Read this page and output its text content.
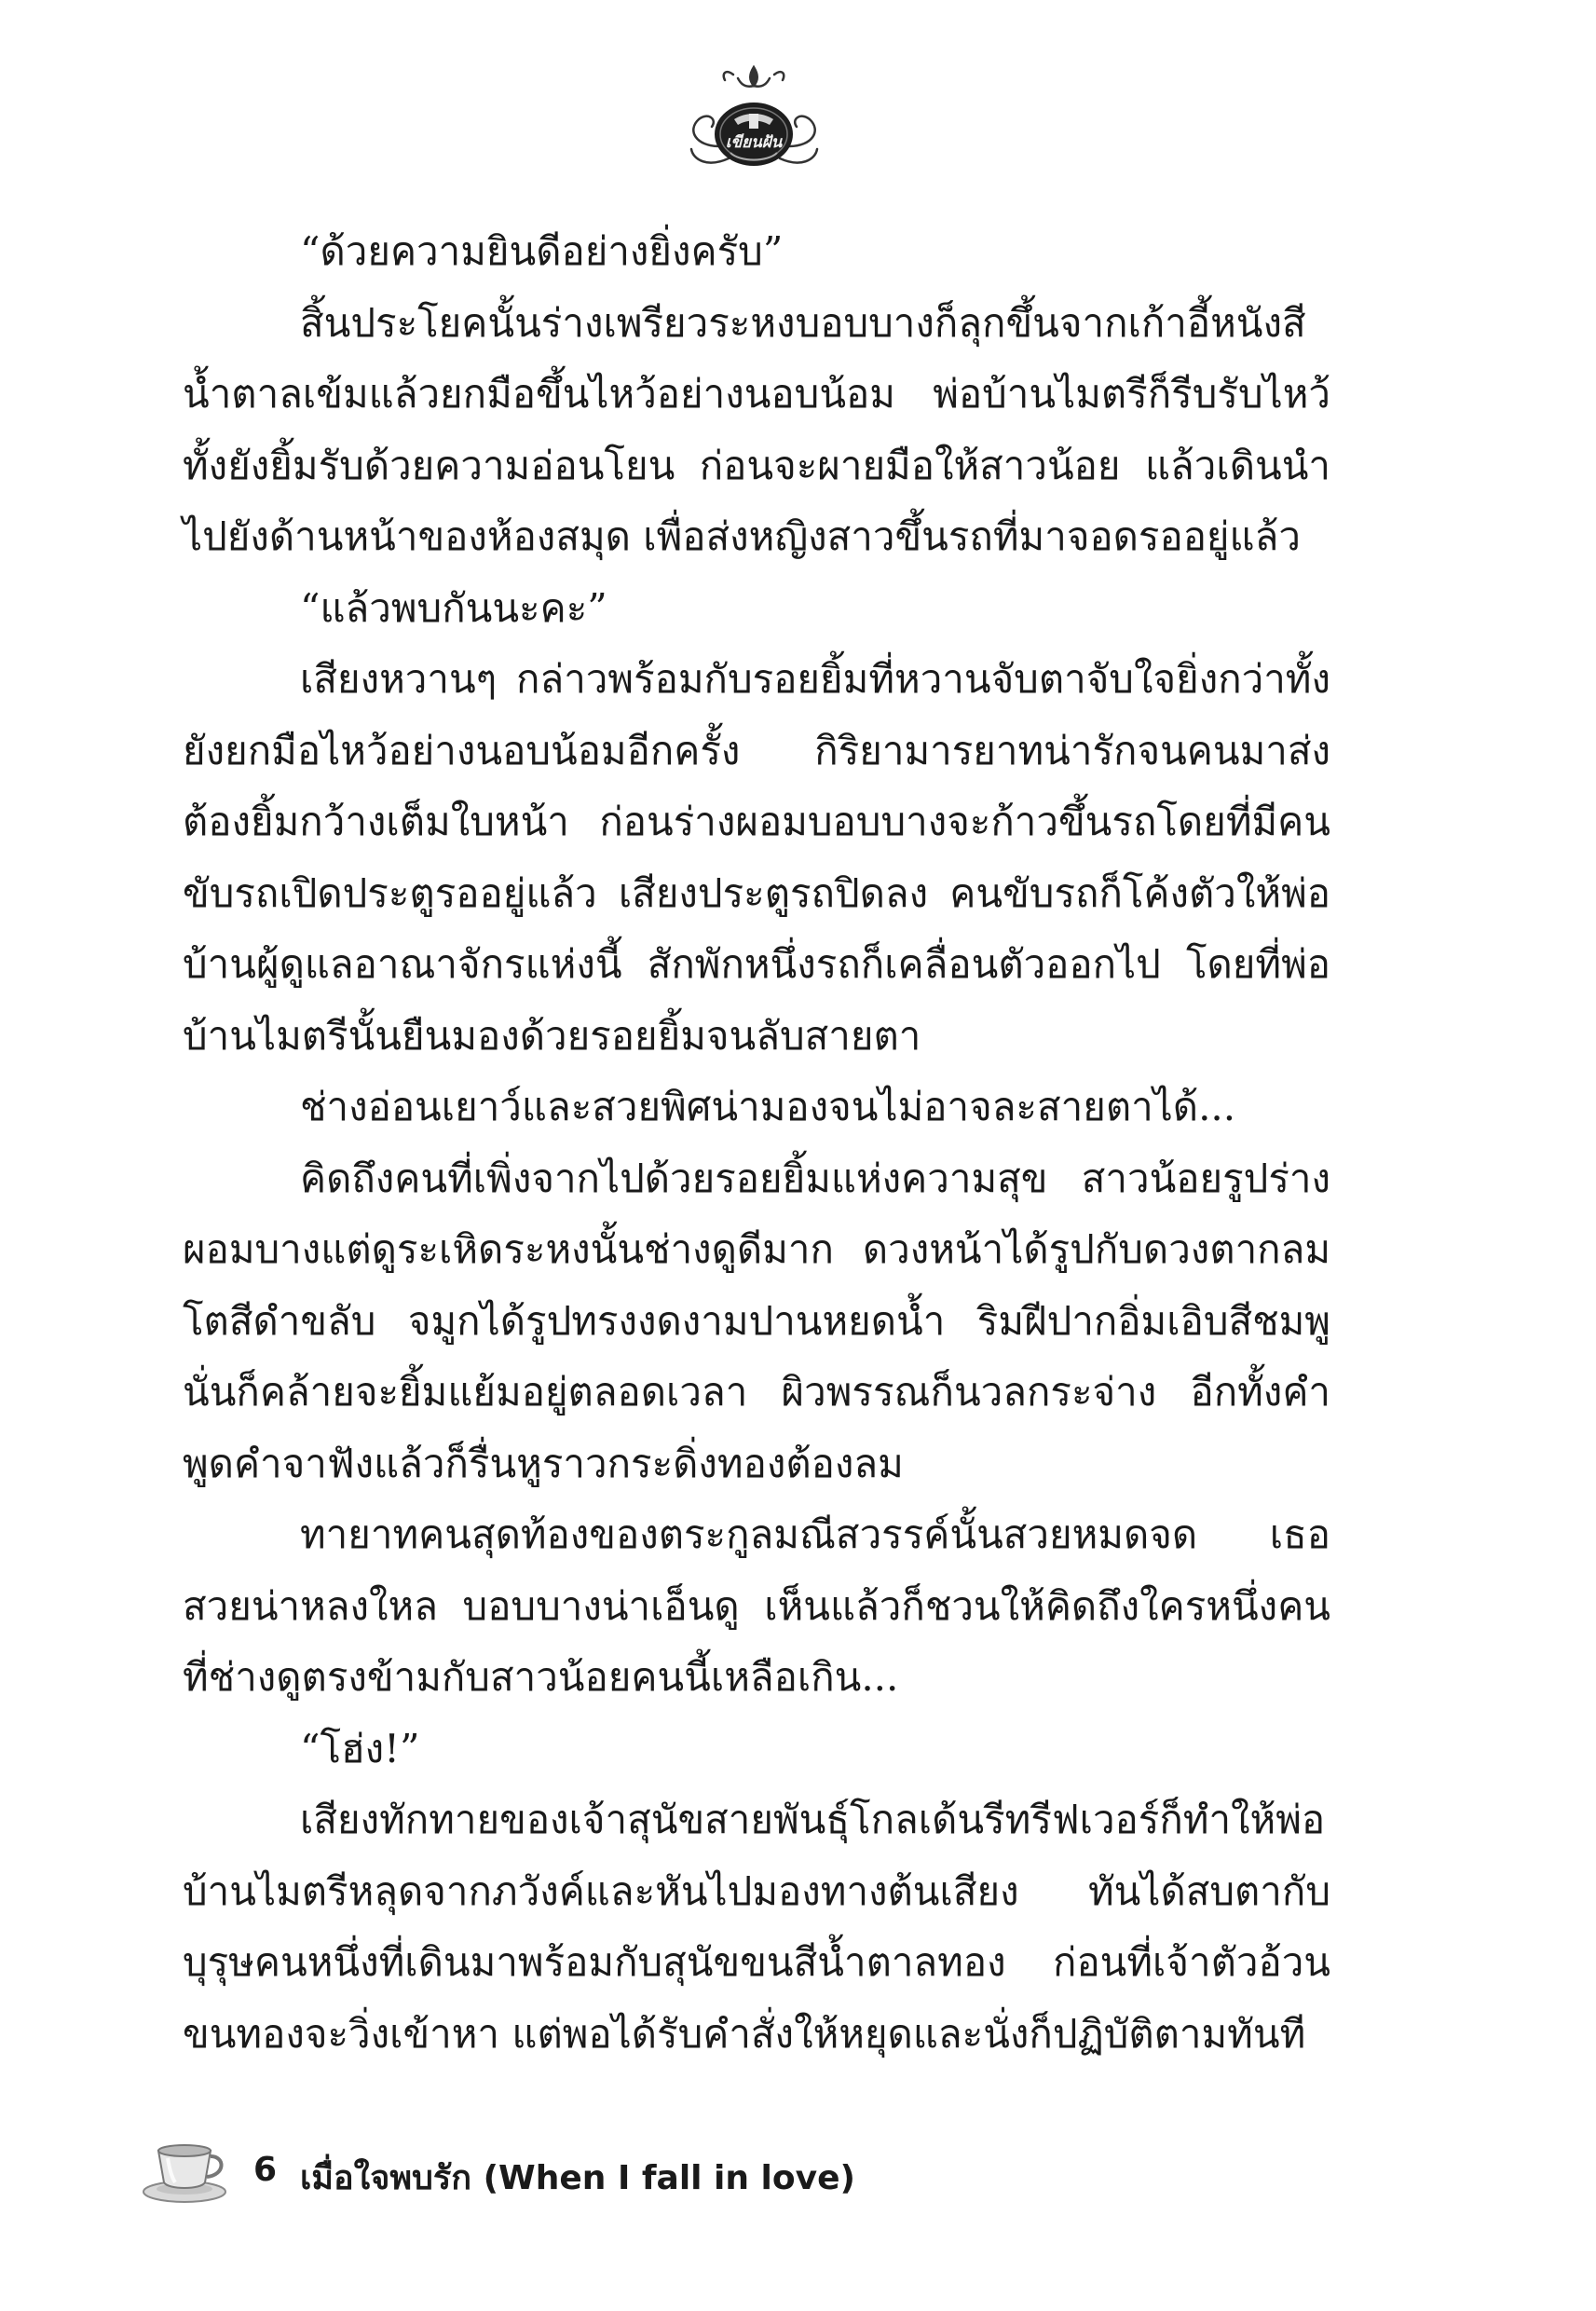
เขียนฝัน

“ด้วยความยินดีอย่างยิ่งครับ”

สิ้นประโยคนั้นร่างเพรียวระหงบอบบางก็ลุกขึ้นจากเก้าอี้หนังสีน้ำตาลเข้มแล้วยกมือขึ้นไหว้อย่างนอบน้อม พ่อบ้านไมตรีก็รีบรับไหว้ทั้งยังยิ้มรับด้วยความอ่อนโยน ก่อนจะผายมือให้สาวน้อย แล้วเดินนำไปยังด้านหน้าของห้องสมุด เพื่อส่งหญิงสาวขึ้นรถที่มาจอดรออยู่แล้ว

“แล้วพบกันนะคะ”

เสียงหวานๆ กล่าวพร้อมกับรอยยิ้มที่หวานจับตาจับใจยิ่งกว่าทั้งยังยกมือไหว้อย่างนอบน้อมอีกครั้ง กิริยามารยาทน่ารักจนคนมาส่งต้องยิ้มกว้างเต็มใบหน้า ก่อนร่างผอมบอบบางจะก้าวขึ้นรถโดยที่มีคนขับรถเปิดประตูรออยู่แล้ว เสียงประตูรถปิดลง คนขับรถก็โค้งตัวให้พ่อบ้านผู้ดูแลอาณาจักรแห่งนี้ สักพักหนึ่งรถก็เคลื่อนตัวออกไป โดยที่พ่อบ้านไมตรีนั้นยืนมองด้วยรอยยิ้มจนลับสายตา

ช่างอ่อนเยาว์และสวยพิศน่ามองจนไม่อาจละสายตาได้...

คิดถึงคนที่เพิ่งจากไปด้วยรอยยิ้มแห่งความสุข สาวน้อยรูปร่างผอมบางแต่ดูระเหิดระหงนั้นช่างดูดีมาก ดวงหน้าได้รูปกับดวงตากลมโตสีดำขลับ จมูกได้รูปทรงงดงามปานหยดน้ำ ริมฝีปากอิ่มเอิบสีชมพูนั่นก็คล้ายจะยิ้มแย้มอยู่ตลอดเวลา ผิวพรรณก็นวลกระจ่าง อีกทั้งคำพูดคำจาฟังแล้วก็รื่นหูราวกระดิ่งทองต้องลม

ทายาทคนสุดท้องของตระกูลมณีสวรรค์นั้นสวยหมดจด เธอสวยน่าหลงใหล บอบบางน่าเอ็นดู เห็นแล้วก็ชวนให้คิดถึงใครหนึ่งคน ที่ช่างดูตรงข้ามกับสาวน้อยคนนี้เหลือเกิน...

“โฮ่ง!”

เสียงทักทายของเจ้าสุนัขสายพันธุ์โกลเด้นรีทรีฟเวอร์ก็ทำให้พ่อบ้านไมตรีหลุดจากภวังค์และหันไปมองทางต้นเสียง ทันได้สบตากับบุรุษคนหนึ่งที่เดินมาพร้อมกับสุนัขขนสีน้ำตาลทอง ก่อนที่เจ้าตัวอ้วนขนทองจะวิ่งเข้าหา แต่พอได้รับคำสั่งให้หยุดและนั่งก็ปฏิบัติตามทันที

6 เมื่อใจพบรัก (When I fall in love)
